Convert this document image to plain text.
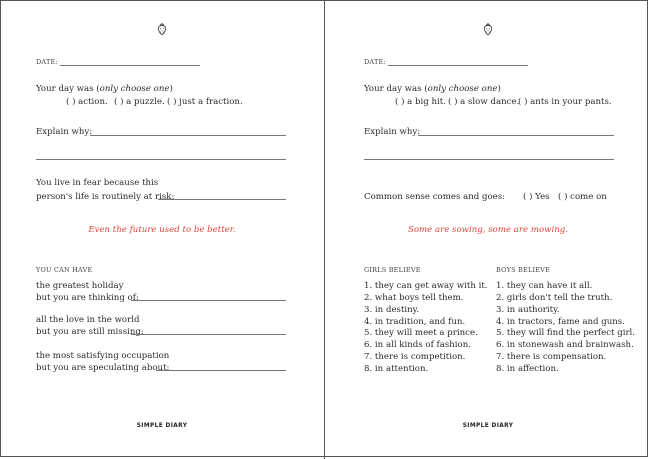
DATE:
Your day was (only choose one)
( ) action. ( ) a puzzle. ( ) just a fraction.
Explain why:
You live in fear because this
person's life is routinely at risk:
Even the future used to be better.
YOU CAN HAVE
the greatest holiday
but you are thinking of:
all the love in the world
but you are still missing:
the most satisfying occupation
but you are speculating about:
SIMPLE DIARY
DATE:
Your day was (only choose one)
( ) a big hit. ( ) a slow dance.
( ) ants in your pants.
Explain why:
Common sense comes and goes: ( ) Yes ( ) come on
Some are sowing, some are mowing.
GIRLS BELIEVE	BOYS BELIEVE
1. they can get away with it.
2. what boys tell them.
3. in destiny.
4. in tradition, and fun.
5. they will meet a prince.
6. in all kinds of fashion.
7. there is competition.
8. in attention.
1. they can have it all.
2. girls don't tell the truth.
3. in authority.
4. in tractors, fame and guns.
5. they will find the perfect girl.
6. in stonewash and brainwash.
7. there is compensation.
8. in affection.
SIMPLE DIARY
